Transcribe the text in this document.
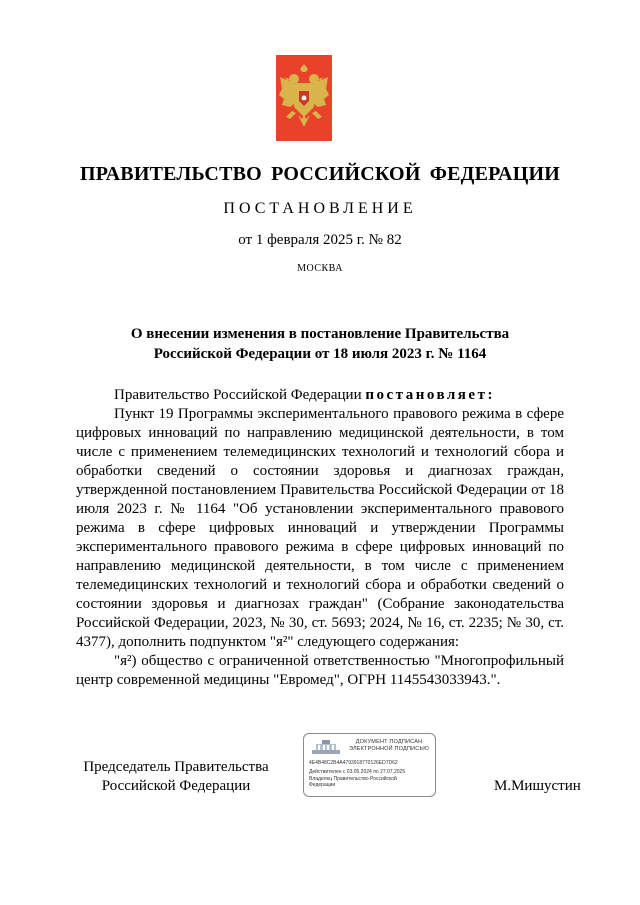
ПРАВИТЕЛЬСТВО РОССИЙСКОЙ ФЕДЕРАЦИИ
ПОСТАНОВЛЕНИЕ
от 1 февраля 2025 г. № 82
МОСКВА
О внесении изменения в постановление Правительства
Российской Федерации от 18 июля 2023 г. № 1164

Правительство Российской Федерации постановляет:

Пункт 19 Программы экспериментального правового режима в сфере цифровых инноваций по направлению медицинской деятельности, в том числе с применением телемедицинских технологий и технологий сбора и обработки сведений о состоянии здоровья и диагнозах граждан, утвержденной постановлением Правительства Российской Федерации от 18 июля 2023 г. № 1164 "Об установлении экспериментального правового режима в сфере цифровых инноваций и утверждении Программы экспериментального правового режима в сфере цифровых инноваций по направлению медицинской деятельности, в том числе с применением телемедицинских технологий и технологий сбора и обработки сведений о состоянии здоровья и диагнозах граждан" (Собрание законодательства Российской Федерации, 2023, № 30, ст. 5693; 2024, № 16, ст. 2235; № 30, ст. 4377), дополнить подпунктом "я²" следующего содержания:

"я²) общество с ограниченной ответственностью "Многопрофильный центр современной медицины "Евромед", ОГРН 1145543033943.".

Председатель Правительства
Российской Федерации
ДОКУМЕНТ ПОДПИСАН
ЭЛЕКТРОННОЙ ПОДПИСЬЮ
4E4B48C2B4A4793918770126ED7D62
Действителен с 03.05.2024 по 27.07.2025
Владелец Правительство Российской
Федерации	М.Мишустин
